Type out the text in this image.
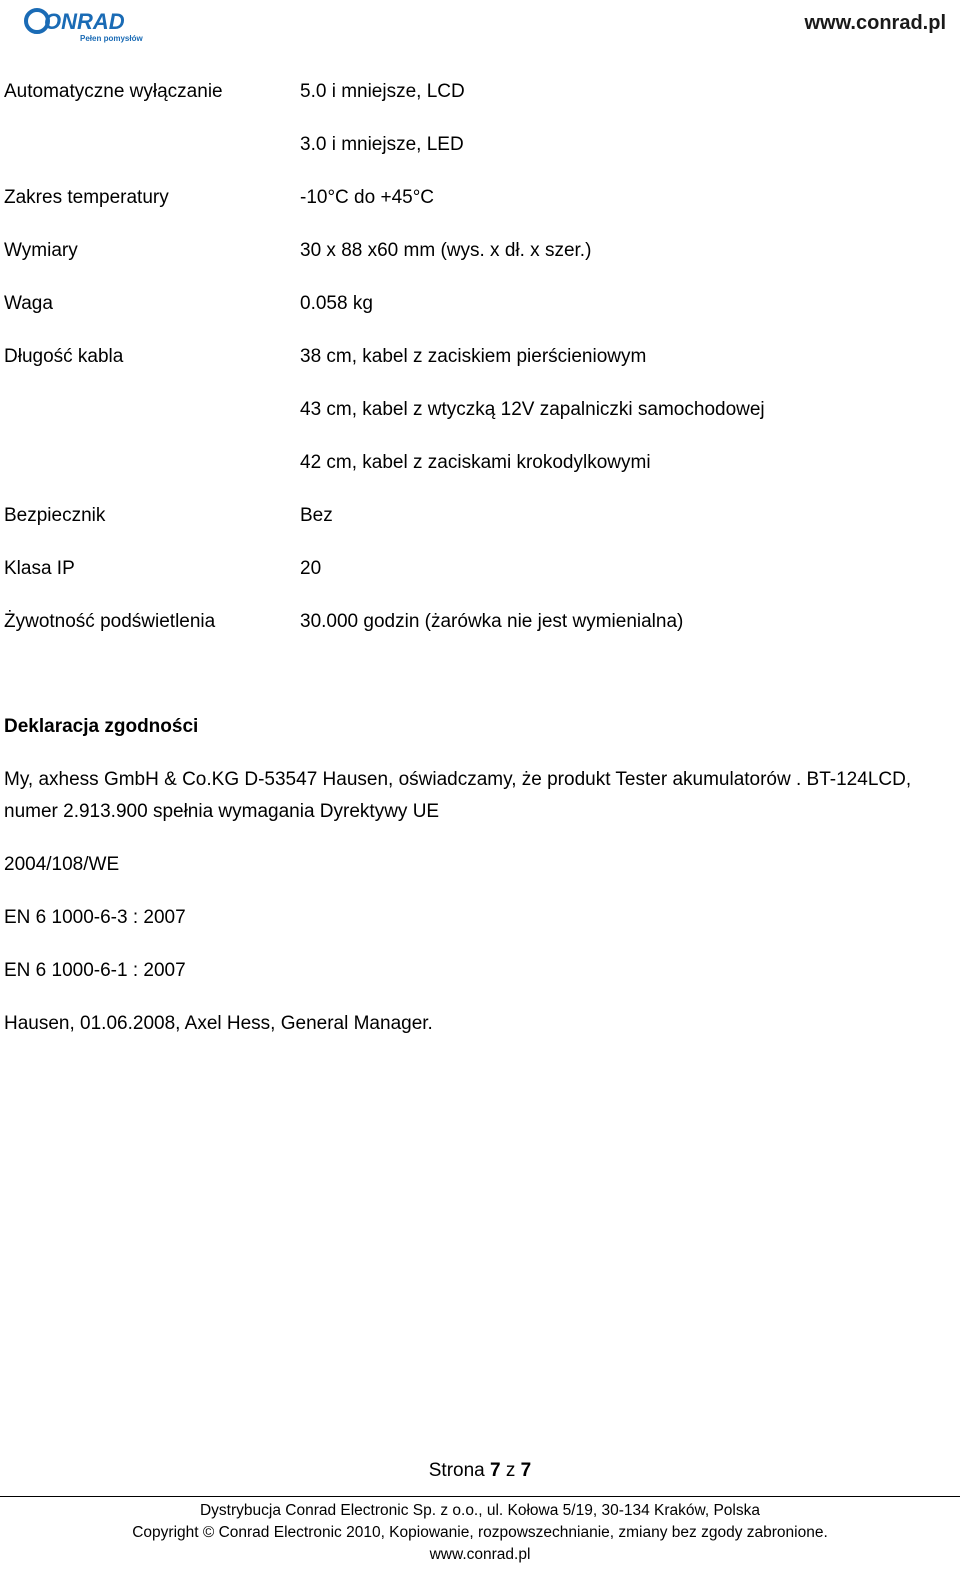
ONRAD
Pełen pomysłów
www.conrad.pl
Automatyczne wyłączanie	5.0 i mniejsze, LCD
3.0 i mniejsze, LED
Zakres temperatury	-10°C do +45°C
Wymiary	30 x 88 x60 mm (wys. x dł. x szer.)
Waga	0.058 kg
Długość kabla	38 cm, kabel z zaciskiem pierścieniowym
43 cm, kabel z wtyczką 12V zapalniczki samochodowej
42 cm, kabel z zaciskami krokodylkowymi
Bezpiecznik	Bez
Klasa IP	20
Żywotność podświetlenia	30.000 godzin (żarówka nie jest wymienialna)
Deklaracja zgodności
My, axhess GmbH & Co.KG D-53547 Hausen, oświadczamy, że produkt Tester akumulatorów . BT-124LCD, numer 2.913.900 spełnia wymagania Dyrektywy UE
2004/108/WE
EN 6 1000-6-3 : 2007
EN 6 1000-6-1 : 2007
Hausen, 01.06.2008, Axel Hess, General Manager.
Strona 7 z 7
Dystrybucja Conrad Electronic Sp. z o.o., ul. Kołowa 5/19, 30-134 Kraków, Polska
Copyright © Conrad Electronic 2010, Kopiowanie, rozpowszechnianie, zmiany bez zgody zabronione.
www.conrad.pl
